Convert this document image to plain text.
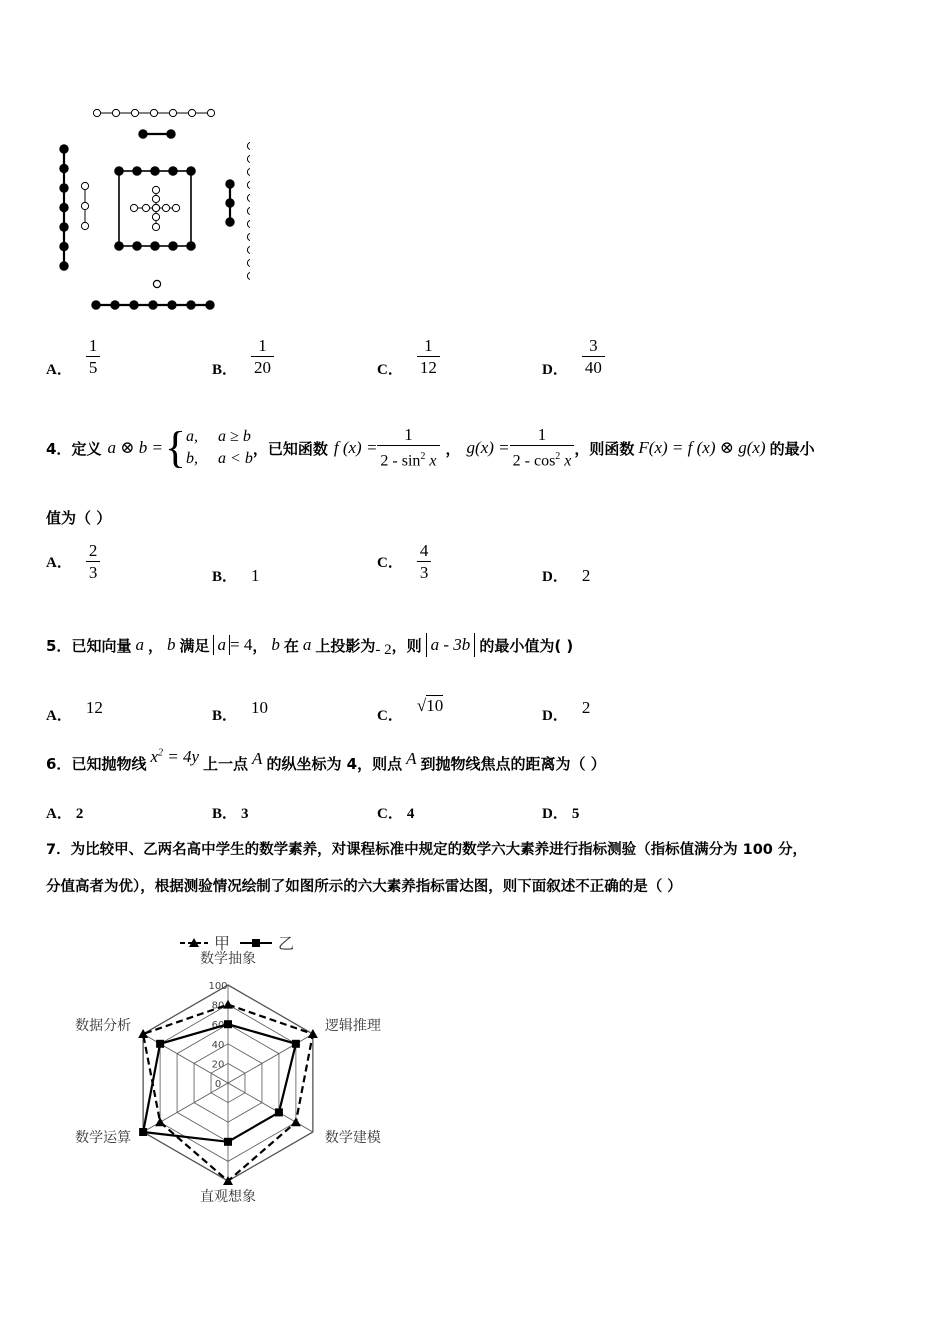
A． $\frac{1}{5}$	B． $\frac{1}{20}$	C． $\frac{1}{12}$	D． $\frac{3}{40}$
4． 定义 a ⊗ b = { a, a ≥ b
b, a < b
，已知函数 f $(x) = \frac{1}{2 - \sin^2 x}$ ， $g(x) = \frac{1}{2 - \cos^2 x}$ ，则函数 F(x) = f (x) ⊗ g(x) 的最小
值为（ ）
A． $\frac{2}{3}$	B． 1
C． $\frac{4}{3}$	D． 2
5． 已知向量 a ， b 满足 a = 4 ， b 在 a 上投影为 - 2 ，则 a - 3b 的最小值为( )
A． 12	B． 10	C．
√10
D． 2
6． 已知抛物线 $x^2 = 4y$ 上一点 A 的纵坐标为 4，则点 A 到抛物线焦点的距离为（ ）
A． 2	B． 3	C． 4	D． 5
7．为比较甲、乙两名高中学生的数学素养，对课程标准中规定的数学六大素养进行指标测验（指标值满分为 100 分，
分值高者为优），根据测验情况绘制了如图所示的六大素养指标雷达图，则下面叙述不正确的是（ ）
100
80
60
40
20
0
数学抽象
逻辑推理
数学建模
直观想象
数学运算
数据分析
甲	乙
